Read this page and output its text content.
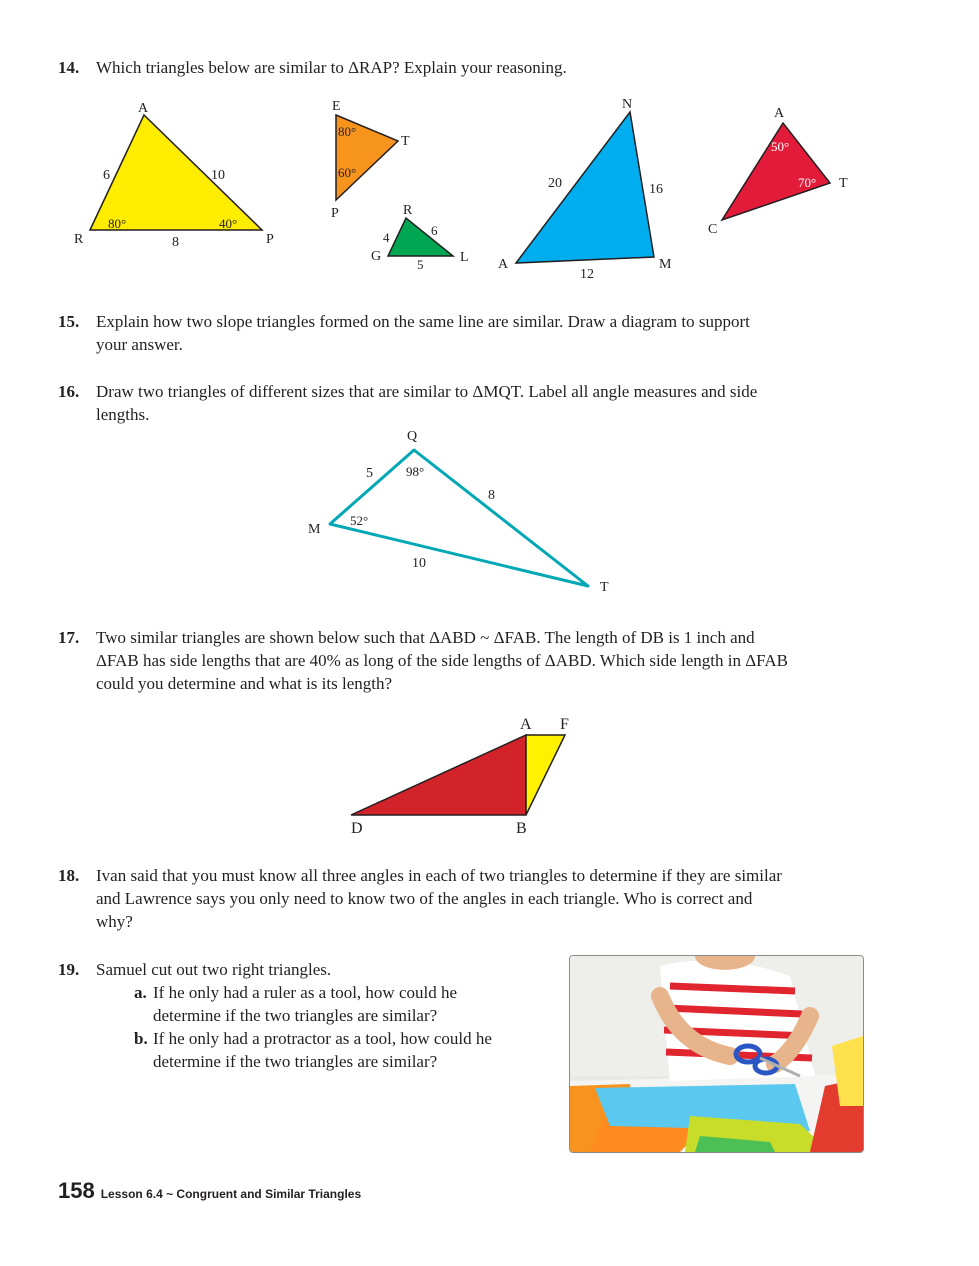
14. Which triangles below are similar to ΔRAP? Explain your reasoning.
A
R	P
6	10
8
80°	40°
E
T
P
80°
60°
R
G	L
4	6
5
N
A	M
20	16
12
A
C
T
50°
70°
15. Explain how two slope triangles formed on the same line are similar. Draw a diagram to support
your answer.
16. Draw two triangles of different sizes that are similar to ΔMQT. Label all angle measures and side
lengths.
Q
M
T
5
8
10
98°
52°
17. Two similar triangles are shown below such that ΔABD ~ ΔFAB. The length of DB is 1 inch and
ΔFAB has side lengths that are 40% as long of the side lengths of ΔABD. Which side length in ΔFAB
could you determine and what is its length?
A F
D	B
18. Ivan said that you must know all three angles in each of two triangles to determine if they are similar
and Lawrence says you only need to know two of the angles in each triangle. Who is correct and
why?
19. Samuel cut out two right triangles.
a. If he only had a ruler as a tool, how could he
determine if the two triangles are similar?
b. If he only had a protractor as a tool, how could he
determine if the two triangles are similar?
158 Lesson 6.4 ~ Congruent and Similar Triangles
